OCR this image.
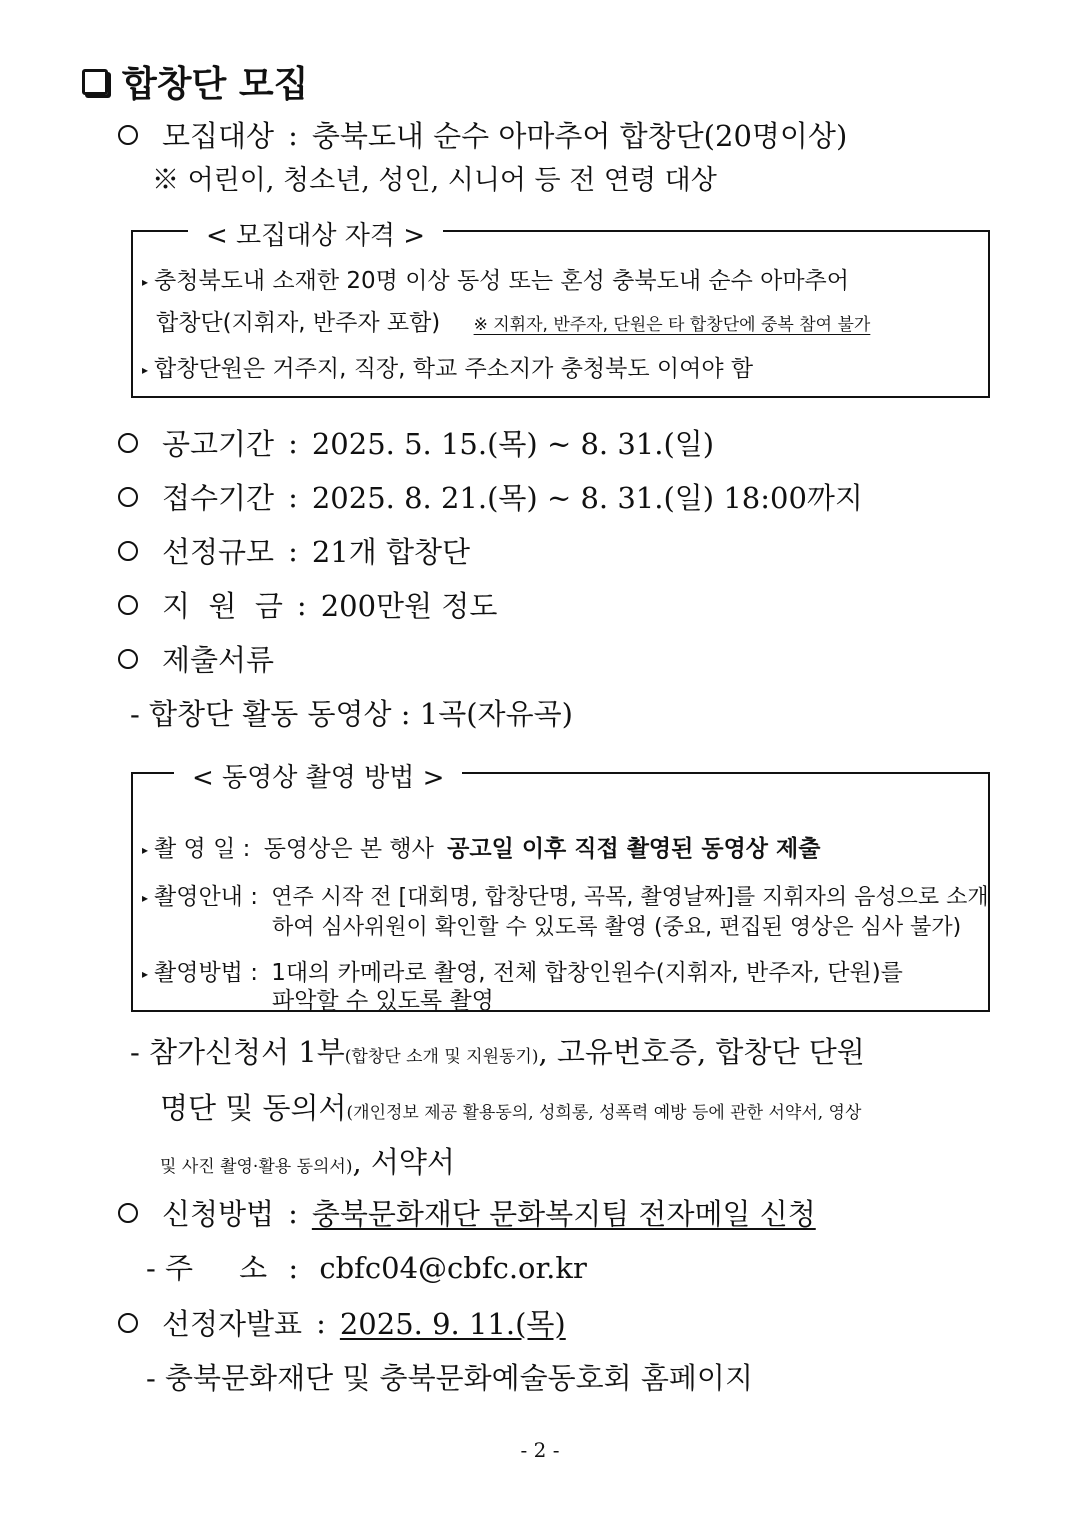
합창단 모집
모집대상 : 충북도내 순수 아마추어 합창단(20명이상)
※ 어린이, 청소년, 성인, 시니어 등 전 연령 대상
< 모집대상 자격 >
▸ 충청북도내 소재한 20명 이상 동성 또는 혼성 충북도내 순수 아마추어
합창단(지휘자, 반주자 포함) ※ 지휘자, 반주자, 단원은 타 합창단에 중복 참여 불가
▸ 합창단원은 거주지, 직장, 학교 주소지가 충청북도 이여야 함
공고기간 : 2025. 5. 15.(목) ~ 8. 31.(일)
접수기간 : 2025. 8. 21.(목) ~ 8. 31.(일) 18:00까지
선정규모 : 21개 합창단
지  원  금 : 200만원 정도
제출서류
- 합창단 활동 동영상 : 1곡(자유곡)
< 동영상 촬영 방법 >
▸ 촬 영 일 : 동영상은 본 행사 공고일 이후 직접 촬영된 동영상 제출
▸ 촬영안내 : 연주 시작 전 [대회명, 합창단명, 곡목, 촬영날짜]를 지휘자의 음성으로 소개
하여 심사위원이 확인할 수 있도록 촬영 (중요, 편집된 영상은 심사 불가)
▸ 촬영방법 : 1대의 카메라로 촬영, 전체 합창인원수(지휘자, 반주자, 단원)를
파악할 수 있도록 촬영
- 참가신청서 1부(합창단 소개 및 지원동기), 고유번호증, 합창단 단원
명단 및 동의서(개인정보 제공 활용동의, 성희롱, 성폭력 예방 등에 관한 서약서, 영상
및 사진 촬영·활용 동의서), 서약서
신청방법 : 충북문화재단 문화복지팀 전자메일 신청
- 주     소 : cbfc04@cbfc.or.kr
선정자발표 : 2025. 9. 11.(목)
- 충북문화재단 및 충북문화예술동호회 홈페이지
- 2 -
